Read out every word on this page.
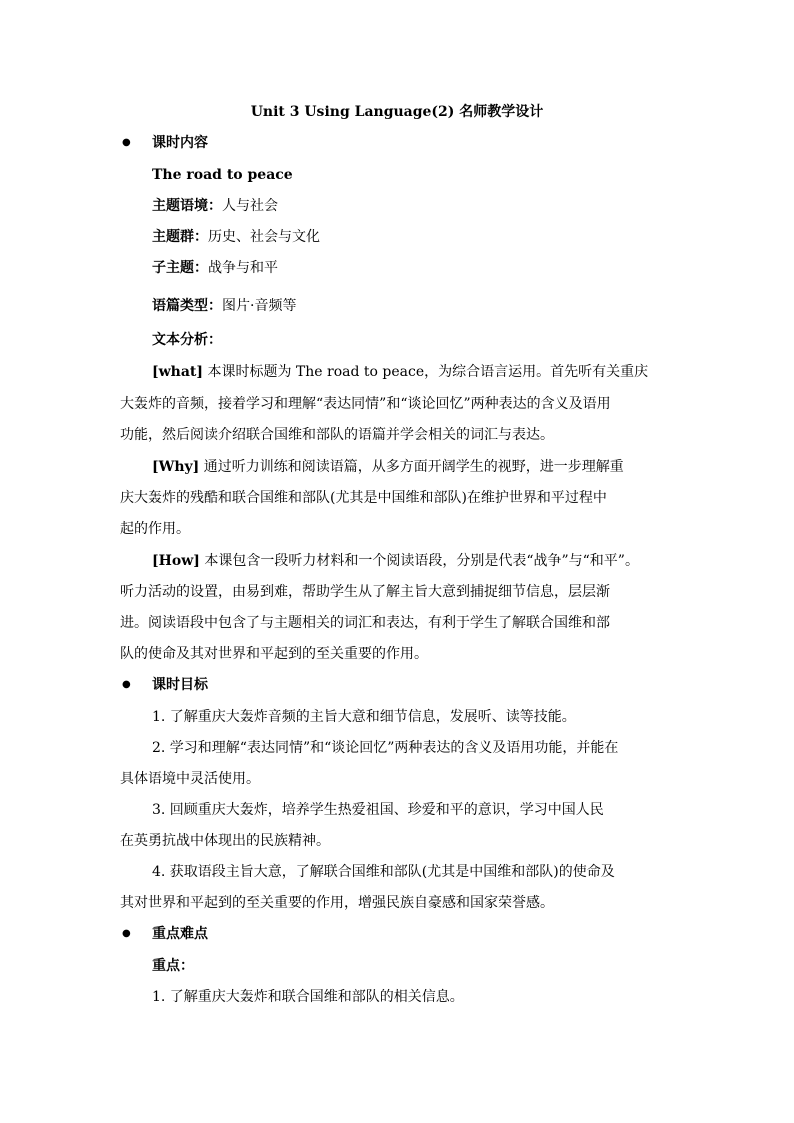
Unit 3 Using Language(2) 名师教学设计
● 课时内容
The road to peace
主题语境：人与社会
主题群：历史、社会与文化
子主题：战争与和平
语篇类型：图片·音频等
文本分析：
[what] 本课时标题为 The road to peace，为综合语言运用。首先听有关重庆
大轰炸的音频，接着学习和理解“表达同情”和“谈论回忆”两种表达的含义及语用
功能，然后阅读介绍联合国维和部队的语篇并学会相关的词汇与表达。
[Why] 通过听力训练和阅读语篇，从多方面开阔学生的视野，进一步理解重
庆大轰炸的残酷和联合国维和部队(尤其是中国维和部队)在维护世界和平过程中
起的作用。
[How] 本课包含一段听力材料和一个阅读语段，分别是代表“战争”与“和平”。
听力活动的设置，由易到难，帮助学生从了解主旨大意到捕捉细节信息，层层渐
进。阅读语段中包含了与主题相关的词汇和表达，有利于学生了解联合国维和部
队的使命及其对世界和平起到的至关重要的作用。
● 课时目标
1. 了解重庆大轰炸音频的主旨大意和细节信息，发展听、读等技能。
2. 学习和理解“表达同情”和“谈论回忆”两种表达的含义及语用功能，并能在
具体语境中灵活使用。
3. 回顾重庆大轰炸，培养学生热爱祖国、珍爱和平的意识，学习中国人民
在英勇抗战中体现出的民族精神。
4. 获取语段主旨大意，了解联合国维和部队(尤其是中国维和部队)的使命及
其对世界和平起到的至关重要的作用，增强民族自豪感和国家荣誉感。
● 重点难点
重点：
1. 了解重庆大轰炸和联合国维和部队的相关信息。
